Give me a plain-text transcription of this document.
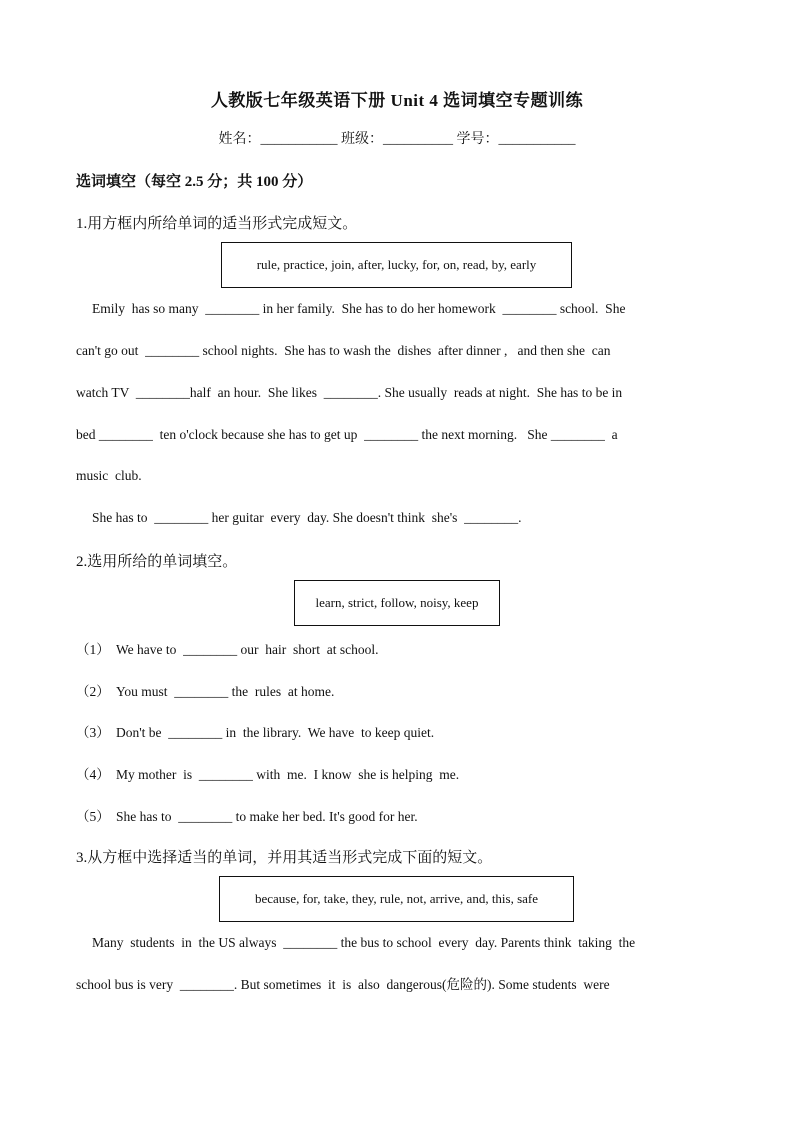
人教版七年级英语下册 Unit 4 选词填空专题训练
姓名：___________ 班级：__________ 学号：___________
选词填空（每空 2.5 分；共 100 分）
1.用方框内所给单词的适当形式完成短文。
rule, practice, join, after, lucky, for, on, read, by, early
Emily  has so many  ________ in her family.  She has to do her homework  ________ school.  She
can't go out  ________ school nights.  She has to wash the  dishes  after dinner ,   and then she  can
watch TV  ________half  an hour.  She likes  ________. She usually  reads at night.  She has to be in
bed ________  ten o'clock because she has to get up  ________ the next morning.   She ________  a
music  club.
She has to  ________ her guitar  every  day. She doesn't think  she's  ________.
2.选用所给的单词填空。
learn, strict, follow, noisy, keep
（1） We have to  ________ our  hair  short  at school.
（2） You must  ________ the  rules  at home.
（3） Don't be  ________ in  the library.  We have  to keep quiet.
（4） My mother  is  ________ with  me.  I know  she is helping  me.
（5） She has to  ________ to make her bed. It's good for her.
3.从方框中选择适当的单词，并用其适当形式完成下面的短文。
because, for, take, they, rule, not, arrive, and, this, safe
Many  students  in  the US always  ________ the bus to school  every  day. Parents think  taking  the
school bus is very  ________. But sometimes  it  is  also  dangerous(危险的). Some students  were
